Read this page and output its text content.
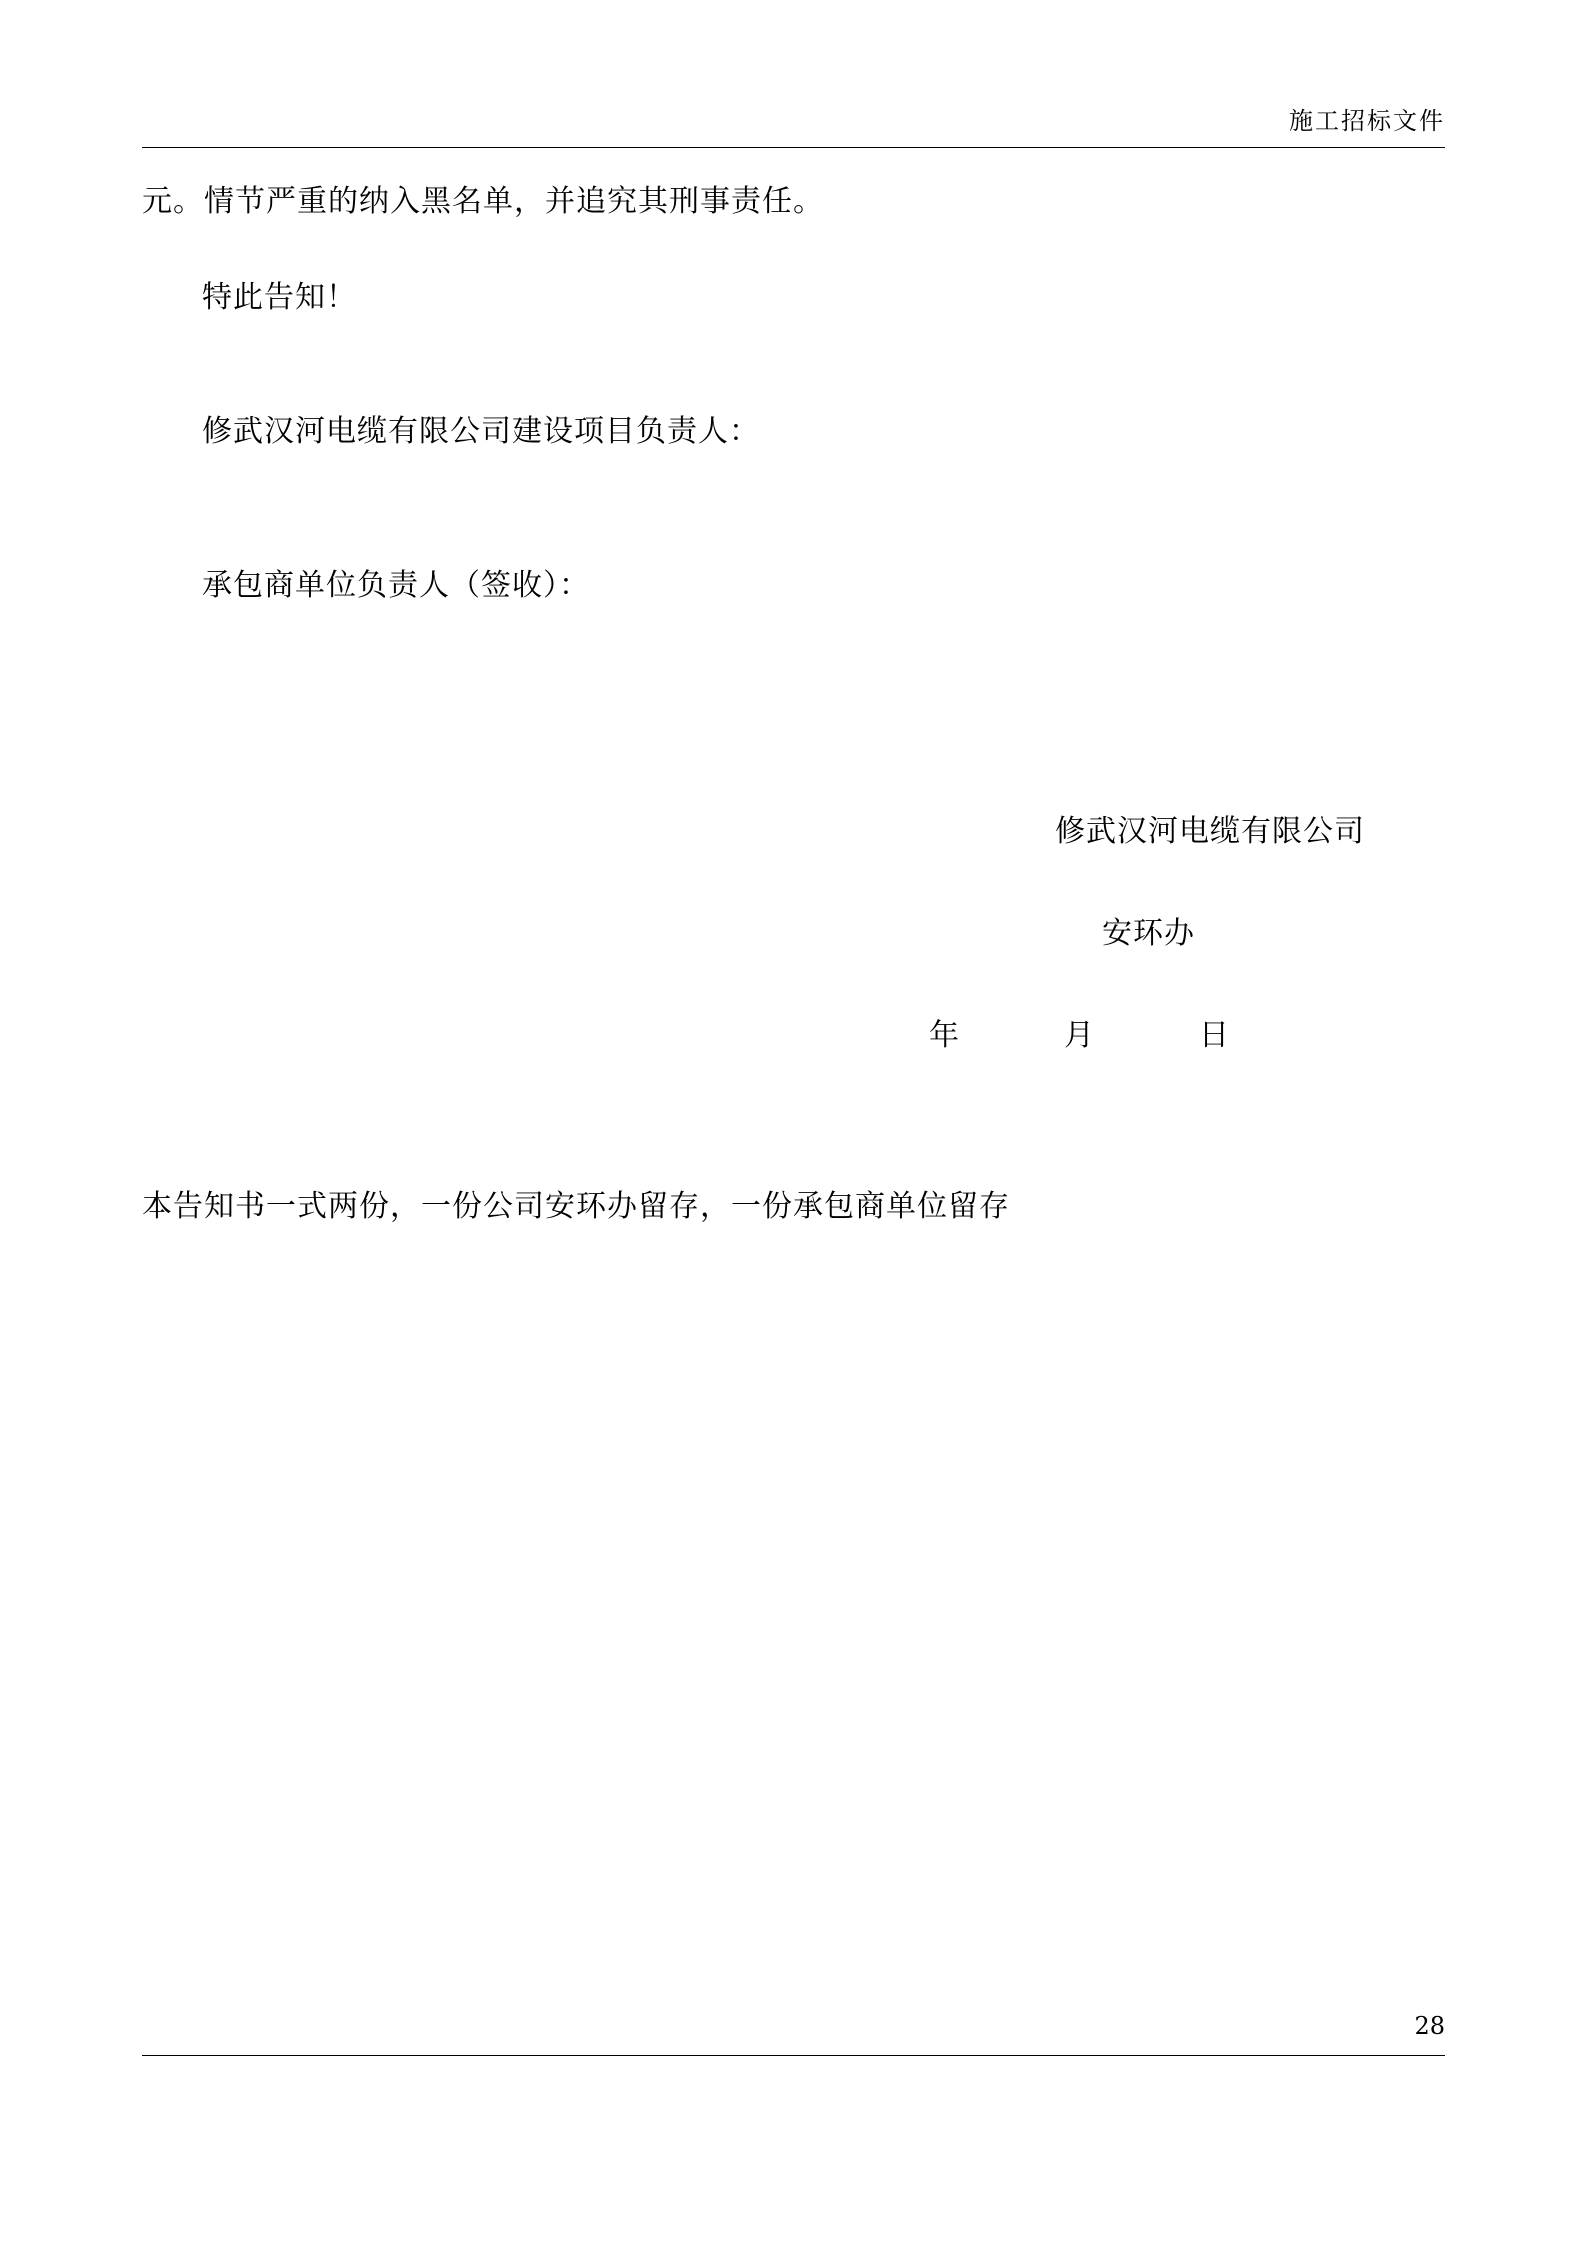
施工招标文件

元。情节严重的纳入黑名单，并追究其刑事责任。

特此告知！

修武汉河电缆有限公司建设项目负责人：

承包商单位负责人（签收）：

修武汉河电缆有限公司

安环办

年	月	日

本告知书一式两份，一份公司安环办留存，一份承包商单位留存
28
